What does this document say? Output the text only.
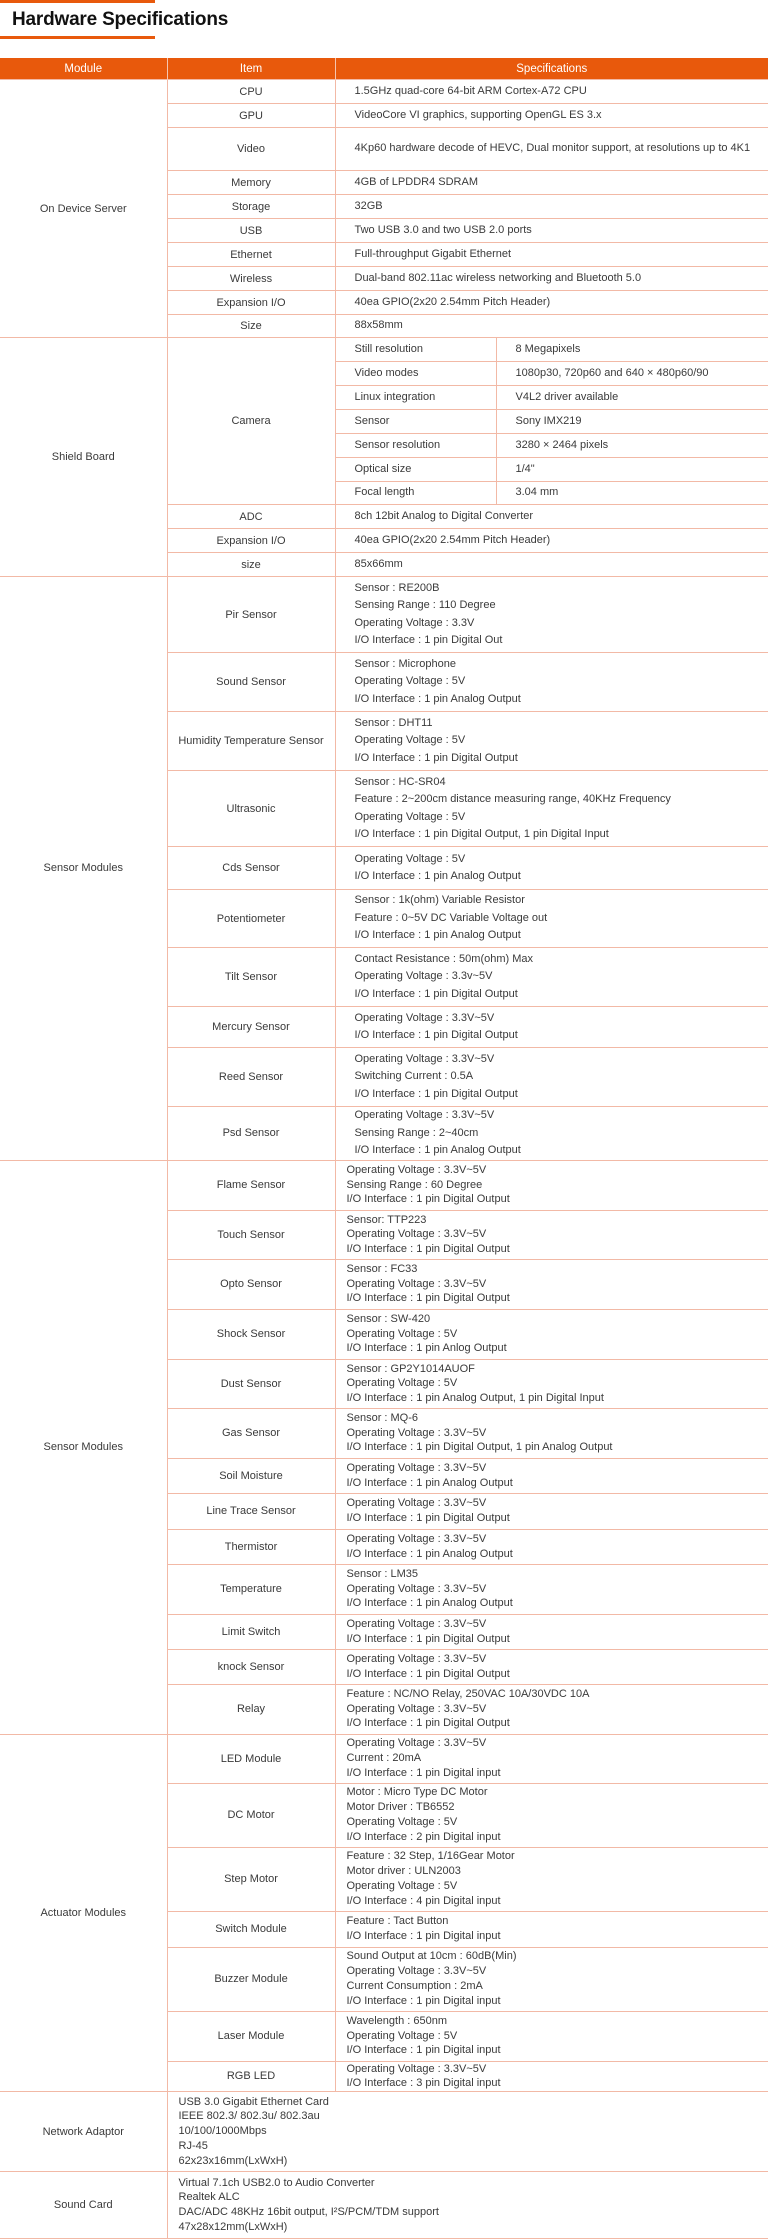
Hardware Specifications
Module	Item	Specifications	
On Device Server	CPU	1.5GHz quad-core 64-bit ARM Cortex-A72 CPU	
	GPU	VideoCore VI graphics, supporting OpenGL ES 3.x	
	Video	4Kp60 hardware decode of HEVC, Dual monitor support, at resolutions up to 4K1	
	Memory	4GB of LPDDR4 SDRAM	
	Storage	32GB	
	USB	Two USB 3.0 and two USB 2.0 ports	
	Ethernet	Full-throughput Gigabit Ethernet	
	Wireless	Dual-band 802.11ac wireless networking and Bluetooth 5.0	
	Expansion I/O	40ea GPIO(2x20 2.54mm Pitch Header)	
	Size	88x58mm	
Shield Board	Camera	Still resolution	8 Megapixels
		Video modes	1080p30, 720p60 and 640 × 480p60/90
		Linux integration	V4L2 driver available
		Sensor	Sony IMX219
		Sensor resolution	3280 × 2464 pixels
		Optical size	1/4"
		Focal length	3.04 mm
	ADC	8ch 12bit Analog to Digital Converter	
	Expansion I/O	40ea GPIO(2x20 2.54mm Pitch Header)	
	size	85x66mm	
Sensor Modules	Pir Sensor	Sensor : RE200B
Sensing Range : 110 Degree
Operating Voltage : 3.3V
I/O Interface : 1 pin Digital Out	

	Sound Sensor	Sensor : Microphone
Operating Voltage : 5V
I/O Interface : 1 pin Analog Output	

	Humidity Temperature Sensor	Sensor : DHT11
Operating Voltage : 5V
I/O Interface : 1 pin Digital Output	

	Ultrasonic	Sensor : HC-SR04
Feature : 2~200cm distance measuring range, 40KHz Frequency
Operating Voltage : 5V
I/O Interface : 1 pin Digital Output, 1 pin Digital Input	

	Cds Sensor	Operating Voltage : 5V
I/O Interface : 1 pin Analog Output	

	Potentiometer	Sensor : 1k(ohm) Variable Resistor
Feature : 0~5V DC Variable Voltage out
I/O Interface : 1 pin Analog Output	

	Tilt Sensor	Contact Resistance : 50m(ohm) Max
Operating Voltage : 3.3v~5V
I/O Interface : 1 pin Digital Output	

	Mercury Sensor	Operating Voltage : 3.3V~5V
I/O Interface : 1 pin Digital Output	

	Reed Sensor	Operating Voltage : 3.3V~5V
Switching Current : 0.5A
I/O Interface : 1 pin Digital Output	

	Psd Sensor	Operating Voltage : 3.3V~5V
Sensing Range : 2~40cm
I/O Interface : 1 pin Analog Output	

Sensor Modules	Flame Sensor	Operating Voltage : 3.3V~5V
Sensing Range : 60 Degree
I/O Interface : 1 pin Digital Output	

	Touch Sensor	Sensor: TTP223
Operating Voltage : 3.3V~5V
I/O Interface : 1 pin Digital Output	

	Opto Sensor	Sensor : FC33
Operating Voltage : 3.3V~5V
I/O Interface : 1 pin Digital Output	

	Shock Sensor	Sensor : SW-420
Operating Voltage : 5V
I/O Interface : 1 pin Anlog Output	

	Dust Sensor	Sensor : GP2Y1014AUOF
Operating Voltage : 5V
I/O Interface : 1 pin Analog Output, 1 pin Digital Input	

	Gas Sensor	Sensor : MQ-6
Operating Voltage : 3.3V~5V
I/O Interface : 1 pin Digital Output, 1 pin Analog Output	

	Soil Moisture	Operating Voltage : 3.3V~5V
I/O Interface : 1 pin Analog Output	

	Line Trace Sensor	Operating Voltage : 3.3V~5V
I/O Interface : 1 pin Digital Output	

	Thermistor	Operating Voltage : 3.3V~5V
I/O Interface : 1 pin Analog Output	

	Temperature	Sensor : LM35
Operating Voltage : 3.3V~5V
I/O Interface : 1 pin Analog Output	

	Limit Switch	Operating Voltage : 3.3V~5V
I/O Interface : 1 pin Digital Output	

	knock Sensor	Operating Voltage : 3.3V~5V
I/O Interface : 1 pin Digital Output	

	Relay	Feature : NC/NO Relay, 250VAC 10A/30VDC 10A
Operating Voltage : 3.3V~5V
I/O Interface : 1 pin Digital Output	

Actuator Modules	LED Module	Operating Voltage : 3.3V~5V
Current : 20mA
I/O Interface : 1 pin Digital input	

	DC Motor	Motor : Micro Type DC Motor
Motor Driver : TB6552
Operating Voltage : 5V
I/O Interface : 2 pin Digital input	

	Step Motor	Feature : 32 Step, 1/16Gear Motor
Motor driver : ULN2003
Operating Voltage : 5V
I/O Interface : 4 pin Digital input	

	Switch Module	Feature : Tact Button
I/O Interface : 1 pin Digital input	

	Buzzer Module	Sound Output at 10cm : 60dB(Min)
Operating Voltage : 3.3V~5V
Current Consumption : 2mA
I/O Interface : 1 pin Digital input	

	Laser Module	Wavelength : 650nm
Operating Voltage : 5V
I/O Interface : 1 pin Digital input	

	RGB LED	Operating Voltage : 3.3V~5V
I/O Interface : 3 pin Digital input	

Network Adaptor	USB 3.0 Gigabit Ethernet Card
IEEE 802.3/ 802.3u/ 802.3au
10/100/1000Mbps
RJ-45
62x23x16mm(LxWxH)		

Sound Card	Virtual 7.1ch USB2.0 to Audio Converter
Realtek ALC
DAC/ADC 48KHz 16bit output, I²S/PCM/TDM support
47x28x12mm(LxWxH)		
